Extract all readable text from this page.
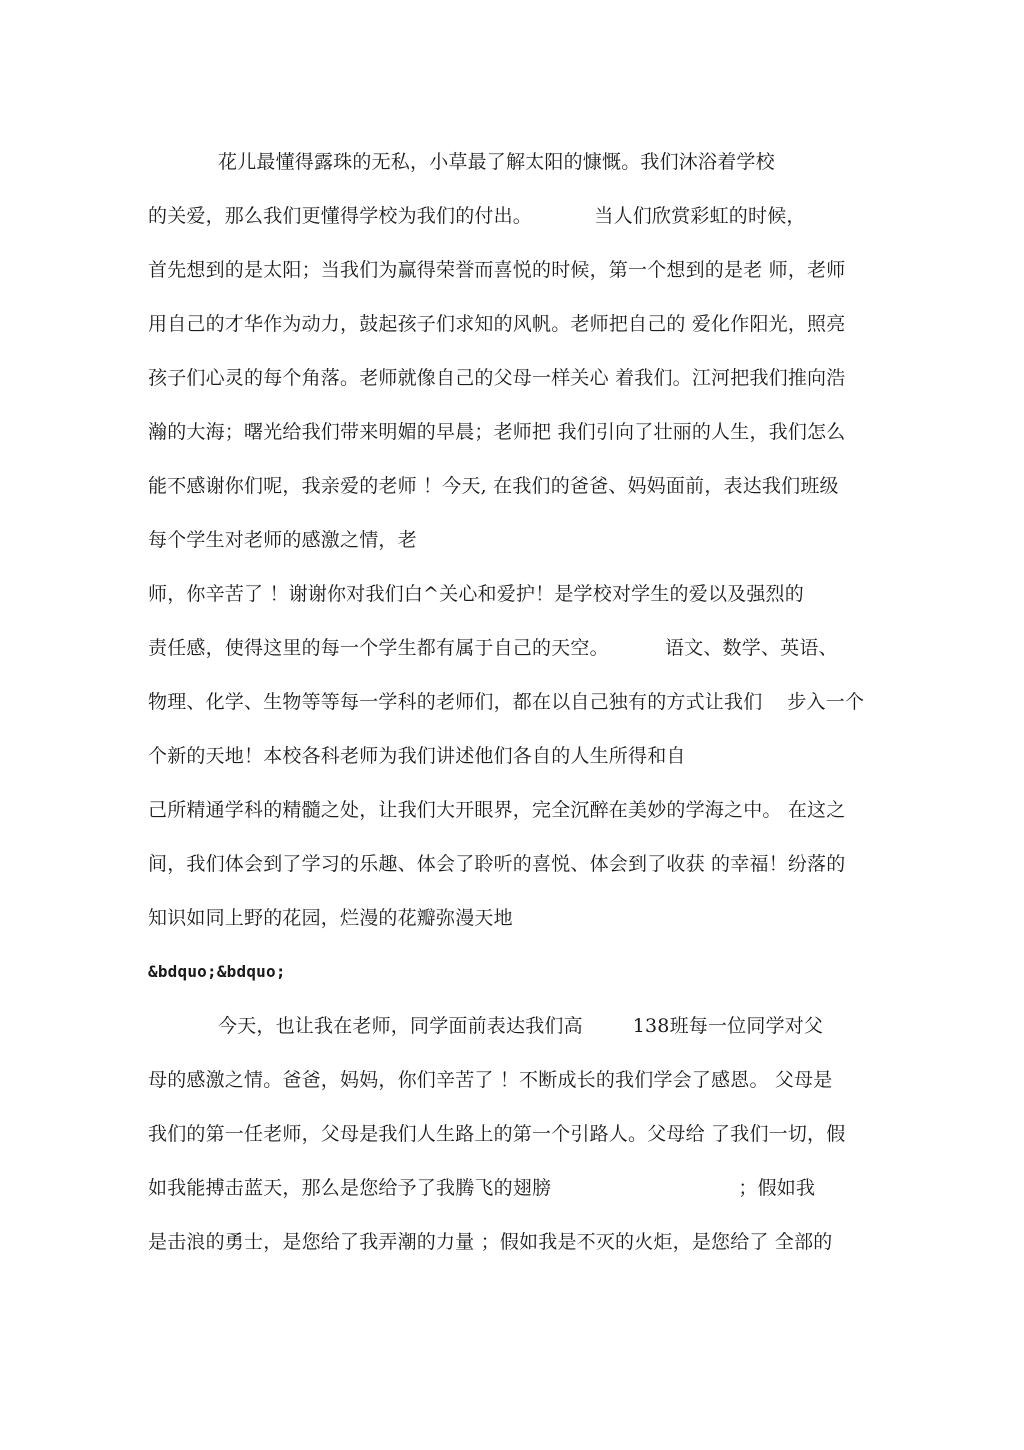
花儿最懂得露珠的无私，小草最了解太阳的慷慨。我们沐浴着学校
的关爱，那么我们更懂得学校为我们的付出。          当人们欣赏彩虹的时候，
首先想到的是太阳；当我们为赢得荣誉而喜悦的时候，第一个想到的是老 师，老师
用自己的才华作为动力，鼓起孩子们求知的风帆。老师把自己的 爱化作阳光，照亮
孩子们心灵的每个角落。老师就像自己的父母一样关心 着我们。江河把我们推向浩
瀚的大海；曙光给我们带来明媚的早晨；老师把 我们引向了壮丽的人生，我们怎么
能不感谢你们呢，我亲爱的老师 ！今天, 在我们的爸爸、妈妈面前，表达我们班级
每个学生对老师的感激之情，老
师，你辛苦了 ！谢谢你对我们白^关心和爱护！是学校对学生的爱以及强烈的
责任感，使得这里的每一个学生都有属于自己的天空。         语文、数学、英语、
物理、化学、生物等等每一学科的老师们，都在以自己独有的方式让我们    步入一个
个新的天地！本校各科老师为我们讲述他们各自的人生所得和自
己所精通学科的精髓之处，让我们大开眼界，完全沉醉在美妙的学海之中。 在这之
间，我们体会到了学习的乐趣、体会了聆听的喜悦、体会到了收获 的幸福！纷落的
知识如同上野的花园，烂漫的花瓣弥漫天地
&bdquo;&bdquo;
今天，也让我在老师，同学面前表达我们高        138班每一位同学对父
母的感激之情。爸爸，妈妈，你们辛苦了 ！不断成长的我们学会了感恩。 父母是
我们的第一任老师，父母是我们人生路上的第一个引路人。父母给 了我们一切，假
如我能搏击蓝天，那么是您给予了我腾飞的翅膀                              ；假如我
是击浪的勇士，是您给了我弄潮的力量 ；假如我是不灭的火炬，是您给了 全部的
